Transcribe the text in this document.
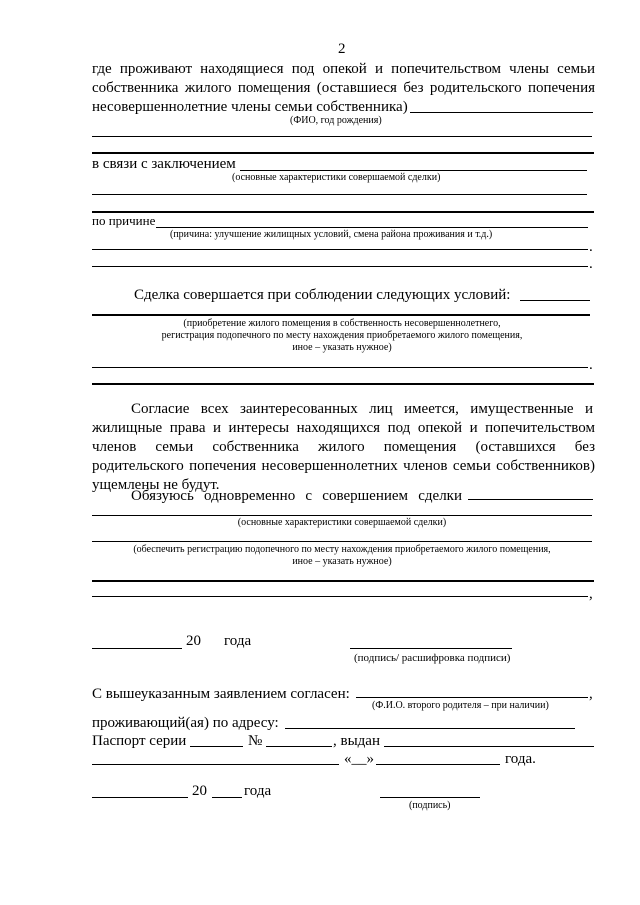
2
где проживают находящиеся под опекой и попечительством члены семьи
собственника жилого помещения (оставшиеся без родительского попечения
несовершеннолетние члены семьи собственника)
(ФИО, год рождения)
в связи с заключением
(основные характеристики совершаемой сделки)
по причине
(причина: улучшение жилищных условий, смена района проживания и т.д.)
.
.
Сделка совершается при соблюдении следующих условий:
(приобретение жилого помещения в собственность несовершеннолетнего,
регистрация подопечного по месту нахождения приобретаемого жилого помещения,
иное – указать нужное)
.
Согласие всех заинтересованных лиц имеется, имущественные и
жилищные права и интересы находящихся под опекой и попечительством
членов семьи собственника жилого помещения (оставшихся без
родительского попечения несовершеннолетних членов семьи собственников)
ущемлены не будут.
Обязуюсь одновременно с совершением сделки
(основные характеристики совершаемой сделки)
(обеспечить регистрацию подопечного по месту нахождения приобретаемого жилого помещения,
иное – указать нужное)
,
20 года
(подпись/ расшифровка подписи)
С вышеуказанным заявлением согласен:	,
(Ф.И.О. второго родителя – при наличии)
проживающий(ая) по адресу:
Паспорт серии	№	, выдан
«__»	года.
20 года
(подпись)
